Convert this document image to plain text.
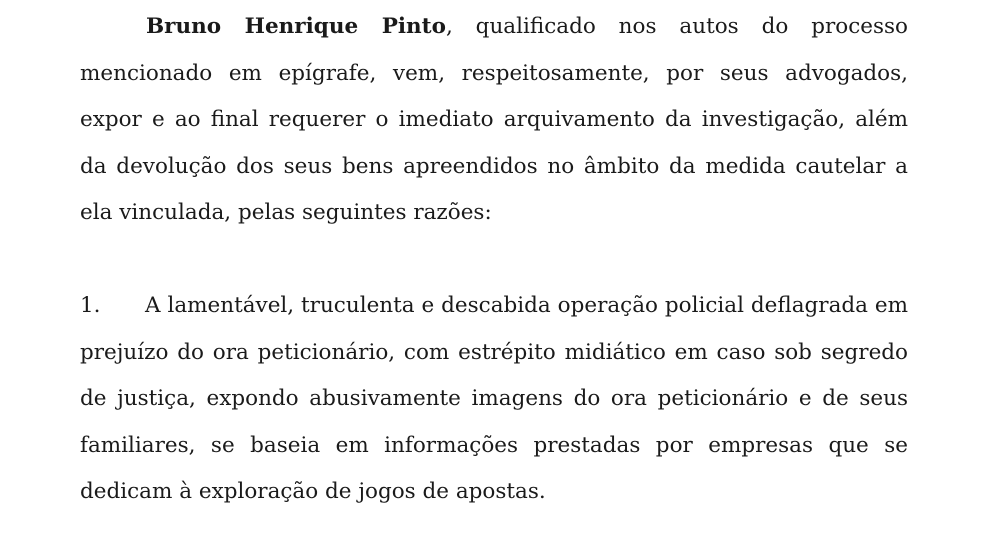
Bruno Henrique Pinto, qualificado nos autos do processo mencionado em epígrafe, vem, respeitosamente, por seus advogados, expor e ao final requerer o imediato arquivamento da investigação, além da devolução dos seus bens apreendidos no âmbito da medida cautelar a ela vinculada, pelas seguintes razões:

1. A lamentável, truculenta e descabida operação policial deflagrada em prejuízo do ora peticionário, com estrépito midiático em caso sob segredo de justiça, expondo abusivamente imagens do ora peticionário e de seus familiares, se baseia em informações prestadas por empresas que se dedicam à exploração de jogos de apostas.
